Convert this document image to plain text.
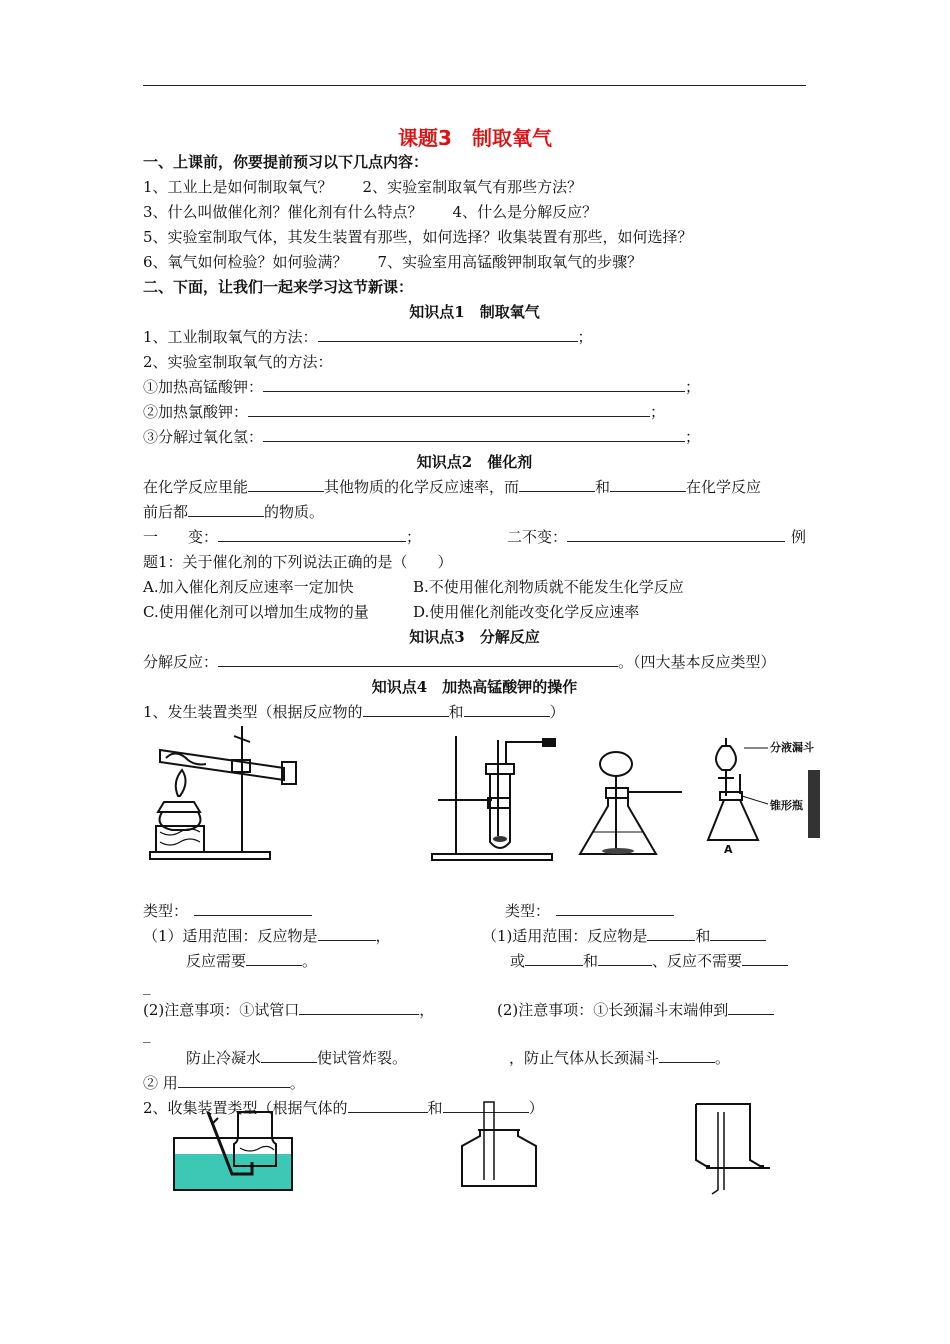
课题3　制取氧气
一、上课前，你要提前预习以下几点内容：
1、工业上是如何制取氧气？　　2、实验室制取氧气有那些方法？
3、什么叫做催化剂？催化剂有什么特点？　　4、什么是分解反应？
5、实验室制取气体，其发生装置有那些，如何选择？收集装置有那些，如何选择？
6、氧气如何检验？如何验满？　　7、实验室用高锰酸钾制取氧气的步骤？
二、下面，让我们一起来学习这节新课：
知识点1　制取氧气
1、工业制取氧气的方法：	；
2、实验室制取氧气的方法：
①加热高锰酸钾：	；
②加热氯酸钾：	；
③分解过氧化氢：	；
知识点2　催化剂
在化学反应里能	其他物质的化学反应速率，而	和	在化学反应
前后都	的物质。
一　　变：	；	二不变：	例
题1：关于催化剂的下列说法正确的是（　　）
A.加入催化剂反应速率一定加快	B.不使用催化剂物质就不能发生化学反应
C.使用催化剂可以增加生成物的量	D.使用催化剂能改变化学反应速率
知识点3　分解反应
分解反应：	。（四大基本反应类型）
知识点4　加热高锰酸钾的操作
1、发生装置类型（根据反应物的	和	）
分液漏斗
锥形瓶
A
类型：	类型：
（1）适用范围：反应物是	，
反应需要	。
_
(2)注意事项：①试管口	，
_
防止冷凝水	使试管炸裂。
② 用	。
（1)适用范围：反应物是	和
或	和	、反应不需要
(2)注意事项：①长颈漏斗末端伸到
，防止气体从长颈漏斗	。
2、收集装置类型（根据气体的	和	）
